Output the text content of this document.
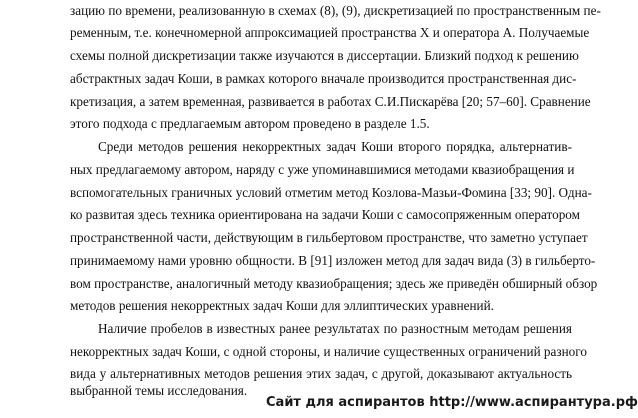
зацию по времени, реализованную в схемах (8), (9), дискретизацией по пространственным пе-
ременным, т.е. конечномерной аппроксимацией пространства X и оператора A. Получаемые
схемы полной дискретизации также изучаются в диссертации. Близкий подход к решению
абстрактных задач Коши, в рамках которого вначале производится пространственная дис-
кретизация, а затем временная, развивается в работах С.И.Пискарёва [20; 57–60]. Сравнение
этого подхода с предлагаемым автором проведено в разделе 1.5.
Среди методов решения некорректных задач Коши второго порядка, альтернатив-
ных предлагаемому автором, наряду с уже упоминавшимися методами квазиобращения и
вспомогательных граничных условий отметим метод Козлова-Мазьи-Фомина [33; 90]. Одна-
ко развитая здесь техника ориентирована на задачи Коши с самосопряженным оператором
пространственной части, действующим в гильбертовом пространстве, что заметно уступает
принимаемому нами уровню общности. В [91] изложен метод для задач вида (3) в гильберто-
вом пространстве, аналогичный методу квазиобращения; здесь же приведён обширный обзор
методов решения некорректных задач Коши для эллиптических уравнений.
Наличие пробелов в известных ранее результатах по разностным методам решения
некорректных задач Коши, с одной стороны, и наличие существенных ограничений разного
вида у альтернативных методов решения этих задач, с другой, доказывают актуальность
выбранной темы исследования.
Сайт для аспирантов http://www.аспирантура.рф
